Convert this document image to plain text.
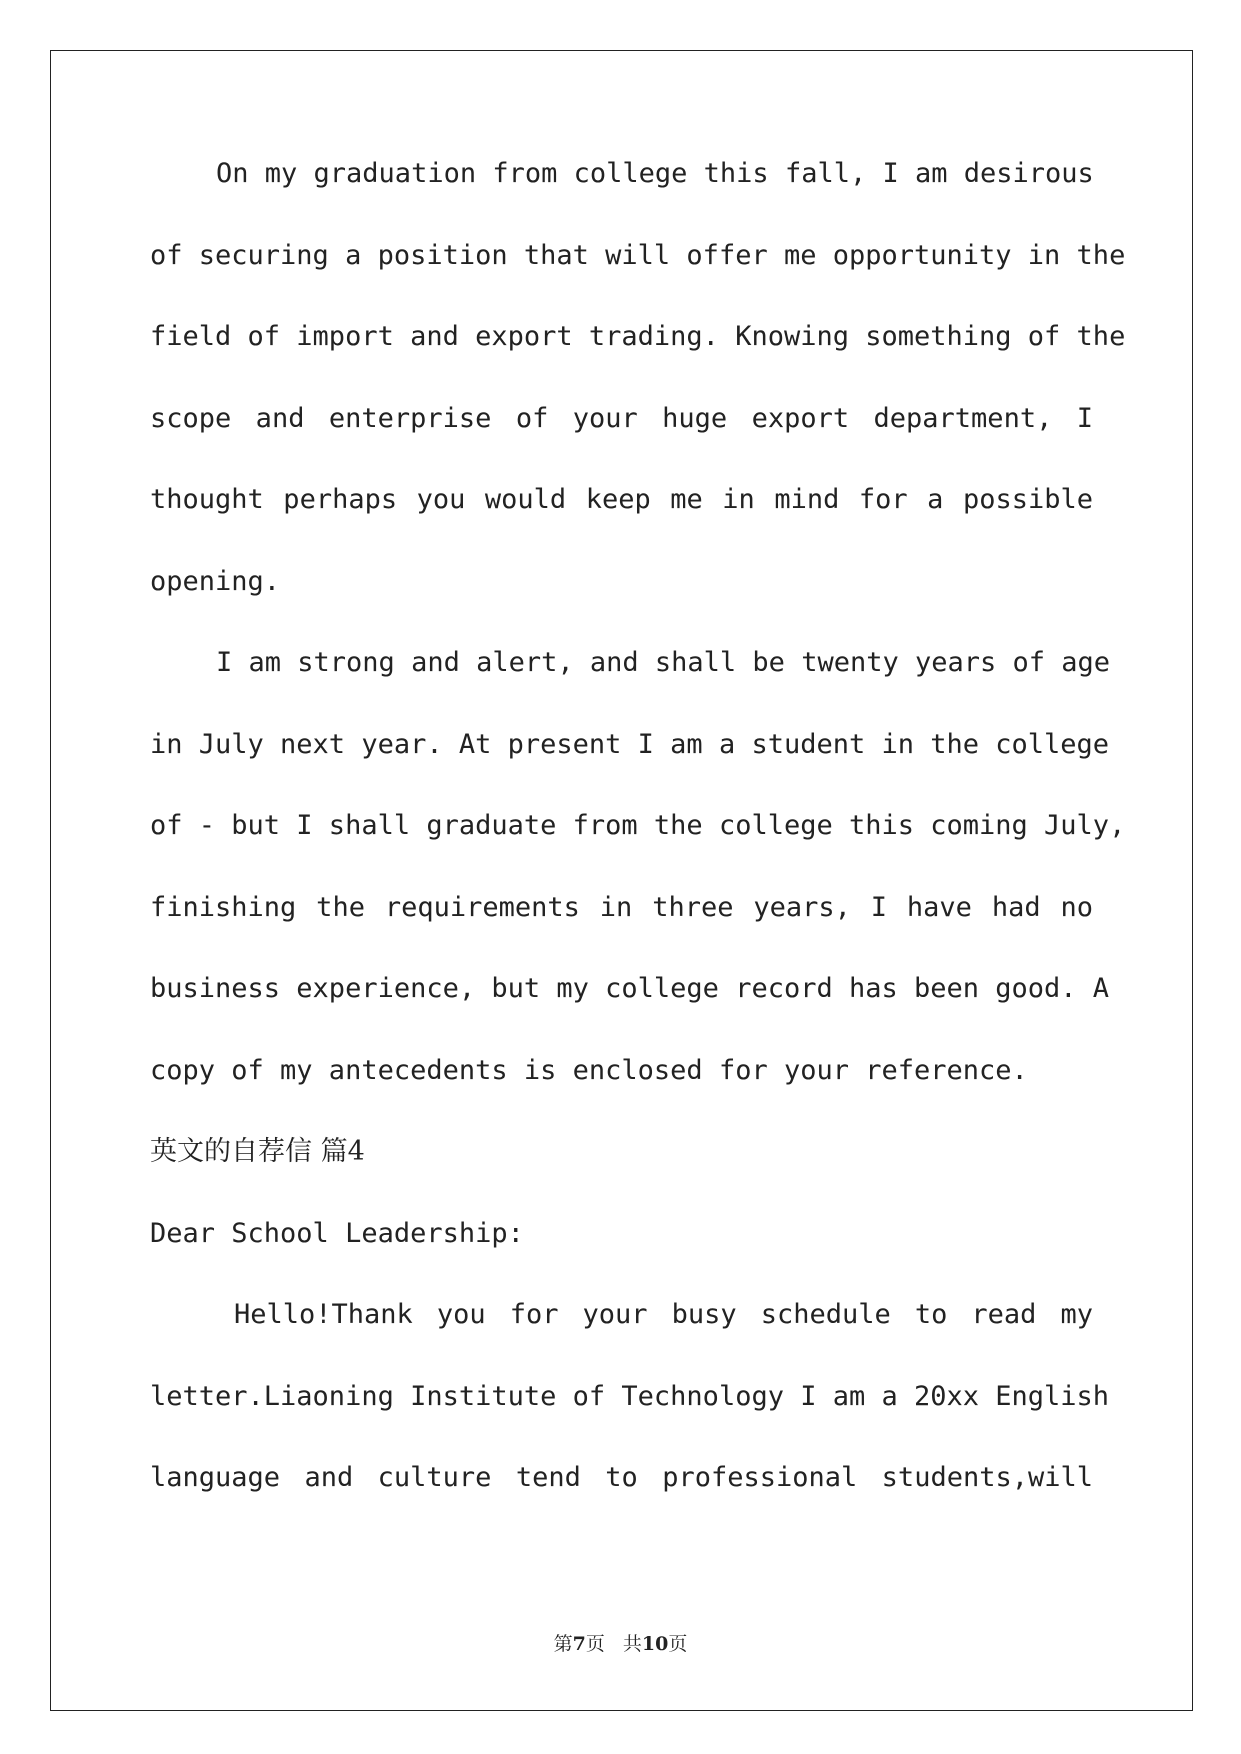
On my graduation from college this fall, I am desirous
of securing a position that will offer me opportunity in the
field of import and export trading. Knowing something of the
scope and enterprise of your huge export department, I
thought perhaps you would keep me in mind for a possible
opening.
I am strong and alert, and shall be twenty years of age
in July next year. At present I am a student in the college
of - but I shall graduate from the college this coming July,
finishing the requirements in three years, I have had no
business experience, but my college record has been good. A
copy of my antecedents is enclosed for your reference.
英文的自荐信 篇4
Dear School Leadership:
Hello!Thank you for your busy schedule to read my
letter.Liaoning Institute of Technology I am a 20xx English
language and culture tend to professional students,will
第7页 共10页
